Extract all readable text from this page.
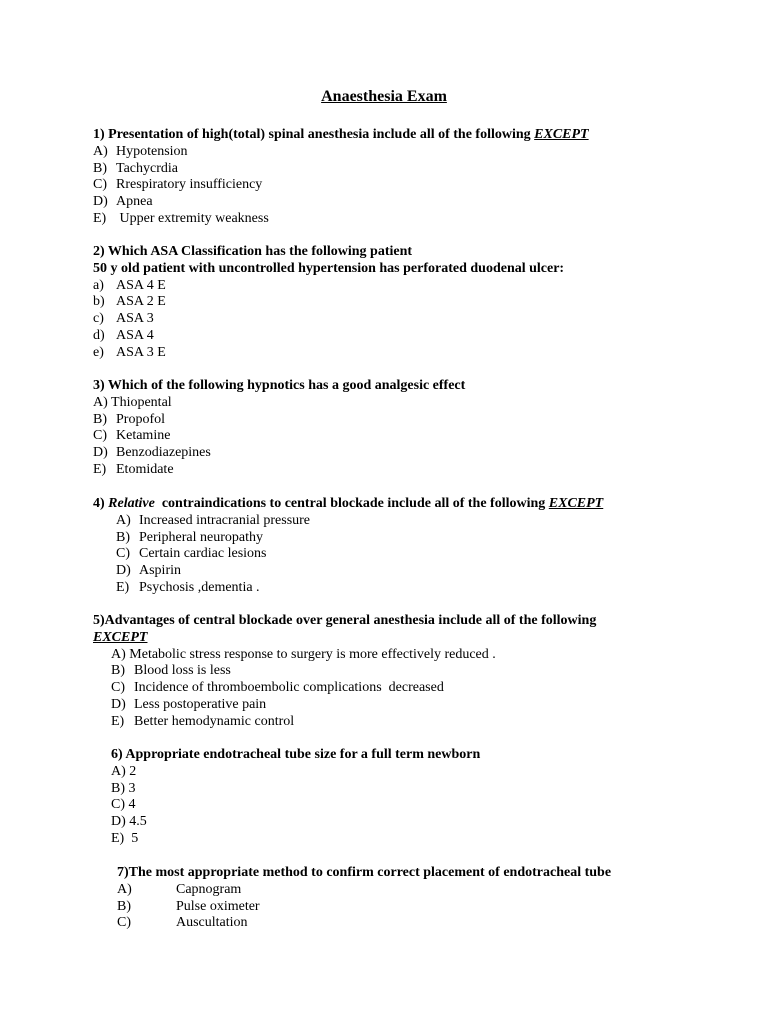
Anaesthesia Exam
1) Presentation of high(total) spinal anesthesia include all of the following EXCEPT
A) Hypotension
B) Tachycrdia
C) Rrespiratory insufficiency
D) Apnea
E) Upper extremity weakness
2) Which ASA Classification has the following patient
50 y old patient with uncontrolled hypertension has perforated duodenal ulcer:
a) ASA 4 E
b) ASA 2 E
c) ASA 3
d) ASA 4
e) ASA 3 E
3) Which of the following hypnotics has a good analgesic effect
A) Thiopental
B) Propofol
C) Ketamine
D) Benzodiazepines
E) Etomidate
4) Relative  contraindications to central blockade include all of the following EXCEPT
A) Increased intracranial pressure
B) Peripheral neuropathy
C) Certain cardiac lesions
D) Aspirin
E) Psychosis ,dementia .
5)Advantages of central blockade over general anesthesia include all of the following
EXCEPT
A) Metabolic stress response to surgery is more effectively reduced .
B) Blood loss is less
C) Incidence of thromboembolic complications  decreased
D) Less postoperative pain
E) Better hemodynamic control
6) Appropriate endotracheal tube size for a full term newborn
A) 2
B) 3
C) 4
D) 4.5
E)  5
7)The most appropriate method to confirm correct placement of endotracheal tube
A)	Capnogram
B)	Pulse oximeter
C)	Auscultation
